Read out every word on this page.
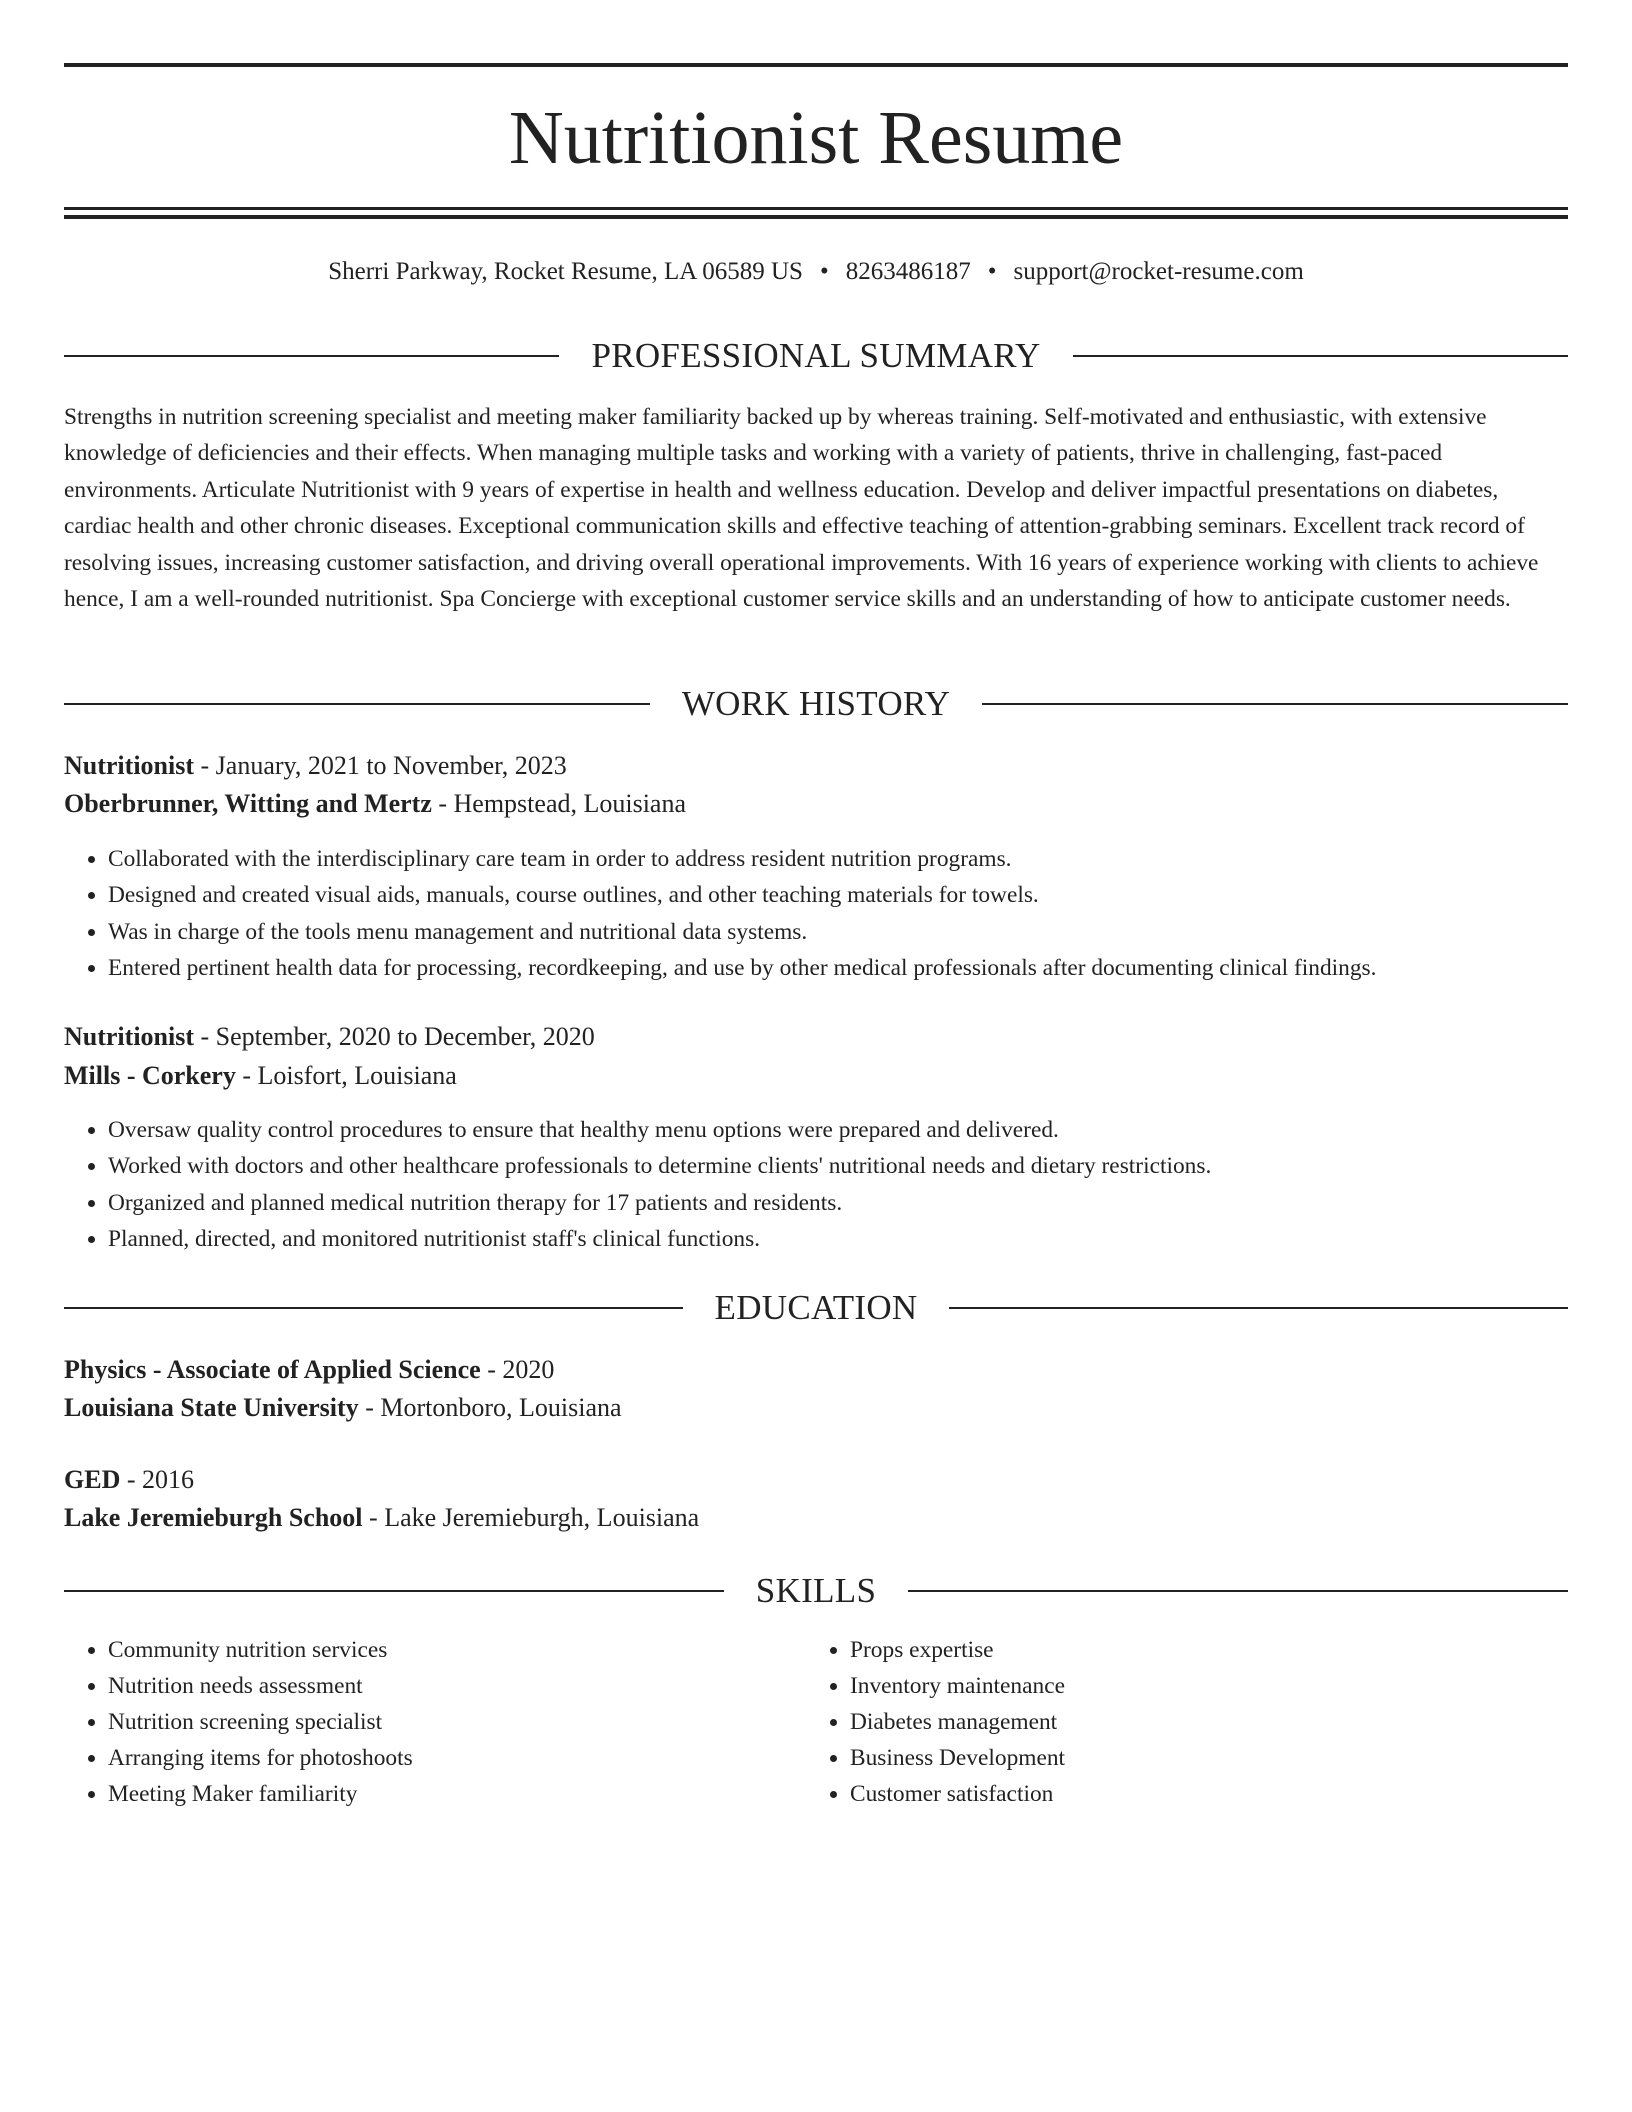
Nutritionist Resume
Sherri Parkway, Rocket Resume, LA 06589 US • 8263486187 • support@rocket-resume.com
PROFESSIONAL SUMMARY

Strengths in nutrition screening specialist and meeting maker familiarity backed up by whereas training. Self-motivated and enthusiastic, with extensive knowledge of deficiencies and their effects. When managing multiple tasks and working with a variety of patients, thrive in challenging, fast-paced environments. Articulate Nutritionist with 9 years of expertise in health and wellness education. Develop and deliver impactful presentations on diabetes, cardiac health and other chronic diseases. Exceptional communication skills and effective teaching of attention-grabbing seminars. Excellent track record of resolving issues, increasing customer satisfaction, and driving overall operational improvements. With 16 years of experience working with clients to achieve hence, I am a well-rounded nutritionist. Spa Concierge with exceptional customer service skills and an understanding of how to anticipate customer needs.

WORK HISTORY
Nutritionist - January, 2021 to November, 2023
Oberbrunner, Witting and Mertz - Hempstead, Louisiana
• Collaborated with the interdisciplinary care team in order to address resident nutrition programs.
• Designed and created visual aids, manuals, course outlines, and other teaching materials for towels.
• Was in charge of the tools menu management and nutritional data systems.
• Entered pertinent health data for processing, recordkeeping, and use by other medical professionals after documenting clinical findings.
Nutritionist - September, 2020 to December, 2020
Mills - Corkery - Loisfort, Louisiana
• Oversaw quality control procedures to ensure that healthy menu options were prepared and delivered.
• Worked with doctors and other healthcare professionals to determine clients' nutritional needs and dietary restrictions.
• Organized and planned medical nutrition therapy for 17 patients and residents.
• Planned, directed, and monitored nutritionist staff's clinical functions.
EDUCATION
Physics - Associate of Applied Science - 2020
Louisiana State University - Mortonboro, Louisiana
GED - 2016
Lake Jeremieburgh School - Lake Jeremieburgh, Louisiana
SKILLS
• Community nutrition services
• Nutrition needs assessment
• Nutrition screening specialist
• Arranging items for photoshoots
• Meeting Maker familiarity
• Props expertise
• Inventory maintenance
• Diabetes management
• Business Development
• Customer satisfaction
